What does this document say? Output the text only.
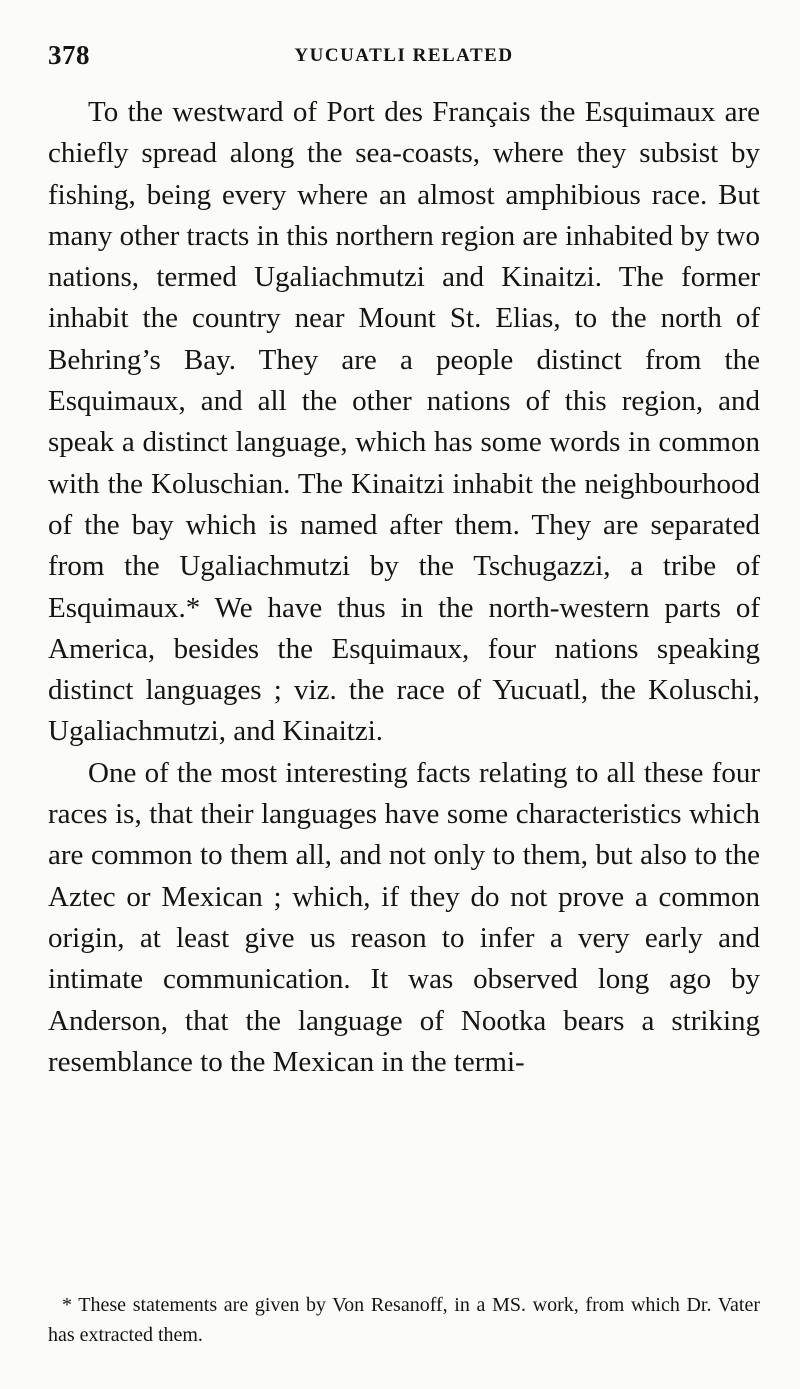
378	YUCUATLI RELATED

To the westward of Port des Français the Esquimaux are chiefly spread along the sea-coasts, where they subsist by fishing, being every where an almost amphibious race. But many other tracts in this northern region are inhabited by two nations, termed Ugaliachmutzi and Kinaitzi. The former inhabit the country near Mount St. Elias, to the north of Behring’s Bay. They are a people distinct from the Esquimaux, and all the other nations of this region, and speak a distinct language, which has some words in common with the Koluschian. The Kinaitzi inhabit the neighbourhood of the bay which is named after them. They are separated from the Ugaliachmutzi by the Tschugazzi, a tribe of Esquimaux.* We have thus in the north-western parts of America, besides the Esquimaux, four nations speaking distinct languages ; viz. the race of Yucuatl, the Koluschi, Ugaliachmutzi, and Kinaitzi.

One of the most interesting facts relating to all these four races is, that their languages have some characteristics which are common to them all, and not only to them, but also to the Aztec or Mexican ; which, if they do not prove a common origin, at least give us reason to infer a very early and intimate communication. It was observed long ago by Anderson, that the language of Nootka bears a striking resemblance to the Mexican in the termi-

* These statements are given by Von Resanoff, in a MS. work, from which Dr. Vater has extracted them.
